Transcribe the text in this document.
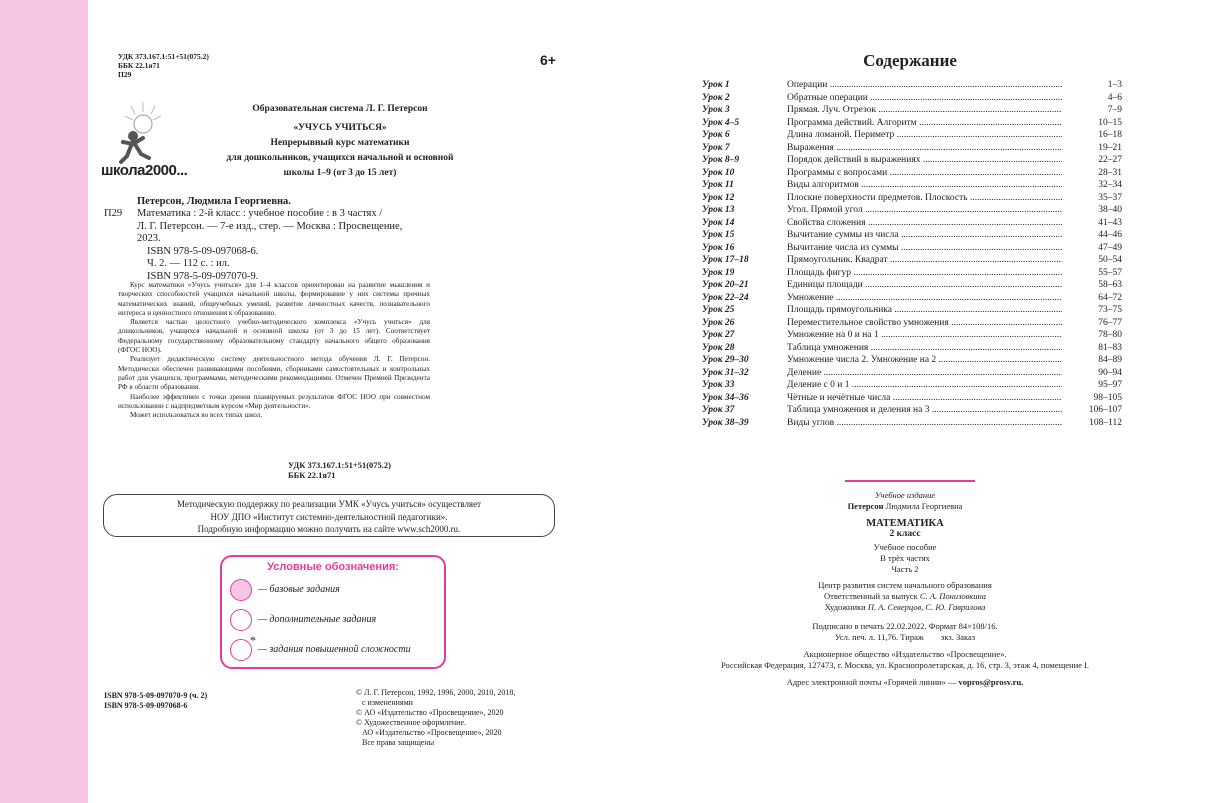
УДК 373.167.1:51+51(075.2)
ББК 22.1я71
П29
6+
школа2000...
Образовательная система Л. Г. Петерсон
«УЧУСЬ УЧИТЬСЯ»
Непрерывный курс математики
для дошкольников, учащихся начальной и основной
школы 1–9 (от 3 до 15 лет)
Петерсон, Людмила Георгиевна.
П29 Математика : 2-й класс : учебное пособие : в 3 частях /
Л. Г. Петерсон. — 7-е изд., стер. — Москва : Просвещение,
2023.
ISBN 978-5-09-097068-6.
Ч. 2. — 112 с. : ил.
ISBN 978-5-09-097070-9.

Курс математики «Учусь учиться» для 1–4 классов ориентирован на развитие мышления и творческих способностей учащихся начальной школы, формирование у них системы прочных математических знаний, общеучебных умений, развитие личностных качеств, познавательного интереса и ценностного отношения к образованию.

Является частью целостного учебно-методического комплекса «Учусь учиться» для дошкольников, учащихся начальной и основной школы (от 3 до 15 лет). Соответствует Федеральному государственному образовательному стандарту начального общего образования (ФГОС НОО).

Реализует дидактическую систему деятельностного метода обучения Л. Г. Петерсон. Методически обеспечен развивающими пособиями, сборниками самостоятельных и контрольных работ для учащихся, программами, методическими рекомендациями. Отмечен Премией Президента РФ в области образования.

Наиболее эффективен с точки зрения планируемых результатов ФГОС НОО при совместном использовании с надпредметным курсом «Мир деятельности».

Может использоваться во всех типах школ.

УДК 373.167.1:51+51(075.2)
ББК 22.1я71
Методическую поддержку по реализации УМК «Учусь учиться» осуществляет
НОУ ДПО «Институт системно-деятельностной педагогики».
Подробную информацию можно получить на сайте www.sch2000.ru.
Условные обозначения:
— базовые задания
— дополнительные задания
*
— задания повышенной сложности
ISBN 978-5-09-097070-9 (ч. 2)
ISBN 978-5-09-097068-6
© Л. Г. Петерсон, 1992, 1996, 2000, 2010, 2018,
с изменениями
© АО «Издательство «Просвещение», 2020
© Художественное оформление.
АО «Издательство «Просвещение», 2020
Все права защищены
Содержание
Урок 1	Операции .....	1–3
Урок 2	Обратные операции .....	4–6
Урок 3	Прямая. Луч. Отрезок .....	7–9
Урок 4–5	Программа действий. Алгоритм .....	10–15
Урок 6	Длина ломаной. Периметр .....	16–18
Урок 7	Выражения .....	19–21
Урок 8–9	Порядок действий в выражениях .....	22–27
Урок 10	Программы с вопросами .....	28–31
Урок 11	Виды алгоритмов .....	32–34
Урок 12	Плоские поверхности предметов. Плоскость .....	35–37
Урок 13	Угол. Прямой угол .....	38–40
Урок 14	Свойства сложения .....	41–43
Урок 15	Вычитание суммы из числа .....	44–46
Урок 16	Вычитание числа из суммы .....	47–49
Урок 17–18	Прямоугольник. Квадрат .....	50–54
Урок 19	Площадь фигур .....	55–57
Урок 20–21	Единицы площади .....	58–63
Урок 22–24	Умножение .....	64–72
Урок 25	Площадь прямоугольника .....	73–75
Урок 26	Переместительное свойство умножения .....	76–77
Урок 27	Умножение на 0 и на 1 .....	78–80
Урок 28	Таблица умножения .....	81–83
Урок 29–30	Умножение числа 2. Умножение на 2 .....	84–89
Урок 31–32	Деление .....	90–94
Урок 33	Деление с 0 и 1 .....	95–97
Урок 34–36	Чётные и нечётные числа .....	98–105
Урок 37	Таблица умножения и деления на 3 .....	106–107
Урок 38–39	Виды углов .....	108–112
Учебное издание
Петерсон Людмила Георгиевна
МАТЕМАТИКА
2 класс
Учебное пособие
В трёх частях
Часть 2
Центр развития систем начального образования
Ответственный за выпуск С. А. Понизовкина
Художники П. А. Северцов, С. Ю. Гаврилова
Подписано в печать 22.02.2022. Формат 84×108/16.
Усл. печ. л. 11,76. Тираж        экз. Заказ
Акционерное общество «Издательство «Просвещение».
Российская Федерация, 127473, г. Москва, ул. Краснопролетарская, д. 16, стр. 3, этаж 4, помещение I.
Адрес электронной почты «Горячей линии» — vopros@prosv.ru.
